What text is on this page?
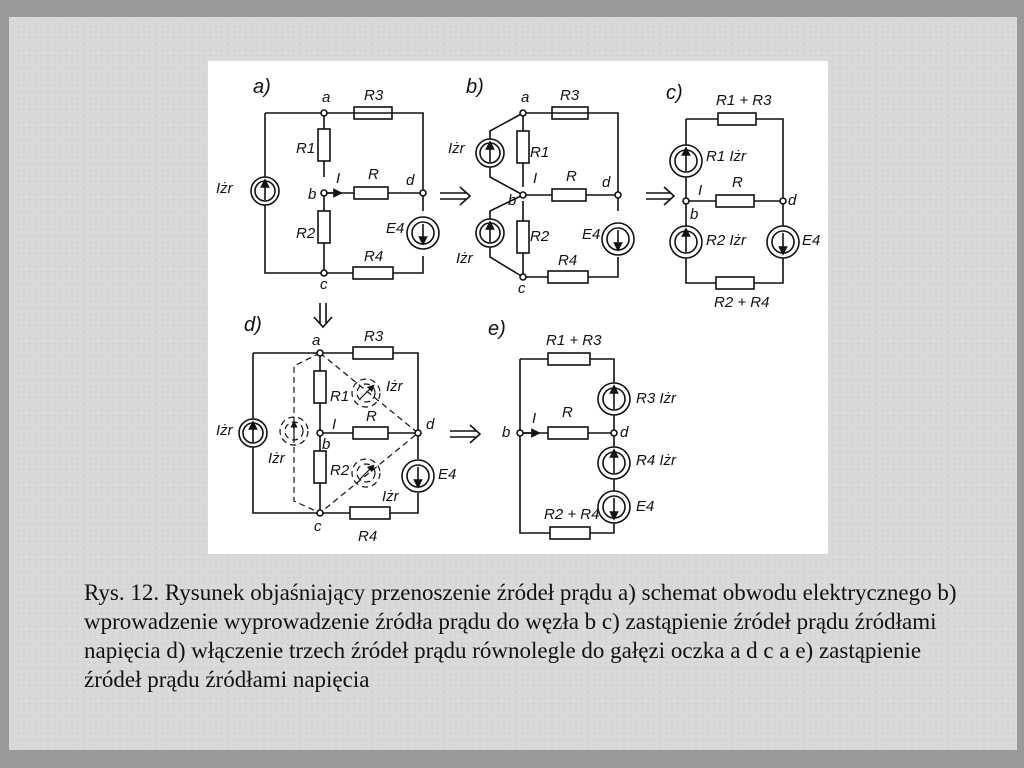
a)	a R3
R1
I R d
b
Iżr
R2	E4
R4
c
b) a R3
Iżr	R1
I R d
b
R2 E4
Iżr	R4
c
c) R1 + R3
R1 Iżr
I R
d
b
R2 Iżr	E4
R2 + R4
d)
a	R3
R1
Iżr
Iżr	I R	d
b
Iżr
R2	E4
Iżr
c
R4
e)
R1 + R3
R3 Iżr
I R
b	d
R4 Iżr
E4
R2 + R4
Rys. 12. Rysunek objaśniający przenoszenie źródeł prądu a) schemat obwodu elektrycznego b) wprowadzenie wyprowadzenie źródła prądu do węzła b c) zastąpienie źródeł prądu źródłami napięcia d) włączenie trzech źródeł prądu równolegle do gałęzi oczka a d c a e) zastąpienie źródeł prądu źródłami napięcia
